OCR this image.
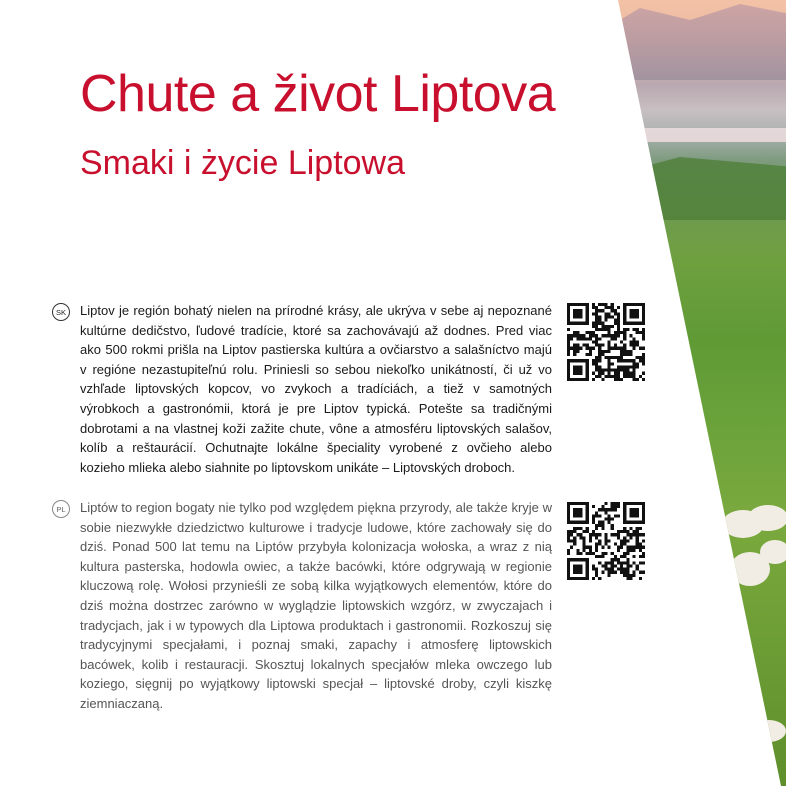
Chute a život Liptova
Smaki i życie Liptowa
SK	Liptov je región bohatý nielen na prírodné krásy, ale ukrýva v sebe aj nepoznané kultúrne dedičstvo, ľudové tradície, ktoré sa zachovávajú až dodnes. Pred viac ako 500 rokmi prišla na Liptov pastierska kultúra a ovčiarstvo a salašníctvo majú v regióne nezastupiteľnú rolu. Priniesli so sebou niekoľko unikátností, či už vo vzhľade liptovských kopcov, vo zvykoch a tradíciách, a tiež v samotných výrobkoch a gastronómii, ktorá je pre Liptov typická. Potešte sa tradičnými dobrotami a na vlastnej koži zažite chute, vône a atmosféru liptovských salašov, kolíb a reštaurácií. Ochutnajte lokálne špeciality vyrobené z ovčieho alebo kozieho mlieka alebo siahnite po liptovskom unikáte – Liptovských droboch.

PL	Liptów to region bogaty nie tylko pod względem piękna przyrody, ale także kryje w sobie niezwykłe dziedzictwo kulturowe i tradycje ludowe, które zachowały się do dziś. Ponad 500 lat temu na Liptów przybyła kolonizacja wołoska, a wraz z nią kultura pasterska, hodowla owiec, a także bacówki, które odgrywają w regionie kluczową rolę. Wołosi przynieśli ze sobą kilka wyjątkowych elementów, które do dziś można dostrzec zarówno w wyglądzie liptowskich wzgórz, w zwyczajach i tradycjach, jak i w typowych dla Liptowa produktach i gastronomii. Rozkoszuj się tradycyjnymi specjałami, i poznaj smaki, zapachy i atmosferę liptowskich bacówek, kolib i restauracji. Skosztuj lokalnych specjałów mleka owczego lub koziego, sięgnij po wyjątkowy liptowski specjał – liptovské droby, czyli kiszkę ziemniaczaną.
